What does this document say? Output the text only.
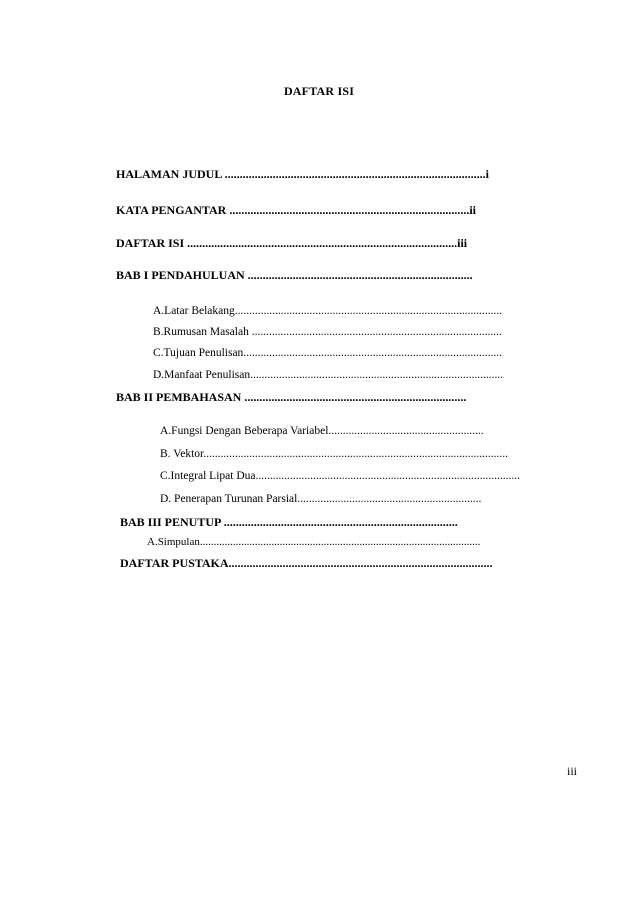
DAFTAR ISI
HALAMAN JUDUL .......................................................................................i
KATA PENGANTAR ................................................................................ii
DAFTAR ISI ..........................................................................................iii
BAB I PENDAHULUAN ...........................................................................
A.Latar Belakang.............................................................................................
B.Rumusan Masalah .......................................................................................
C.Tujuan Penulisan..........................................................................................
D.Manfaat Penulisan........................................................................................
BAB II PEMBAHASAN ..........................................................................
A.Fungsi Dengan Beberapa Variabel......................................................
B. Vektor..........................................................................................................
C.Integral Lipat Dua............................................................................................
D. Penerapan Turunan Parsial................................................................
BAB III PENUTUP ..............................................................................
A.Simpulan......................................................................................................
DAFTAR PUSTAKA........................................................................................
iii
